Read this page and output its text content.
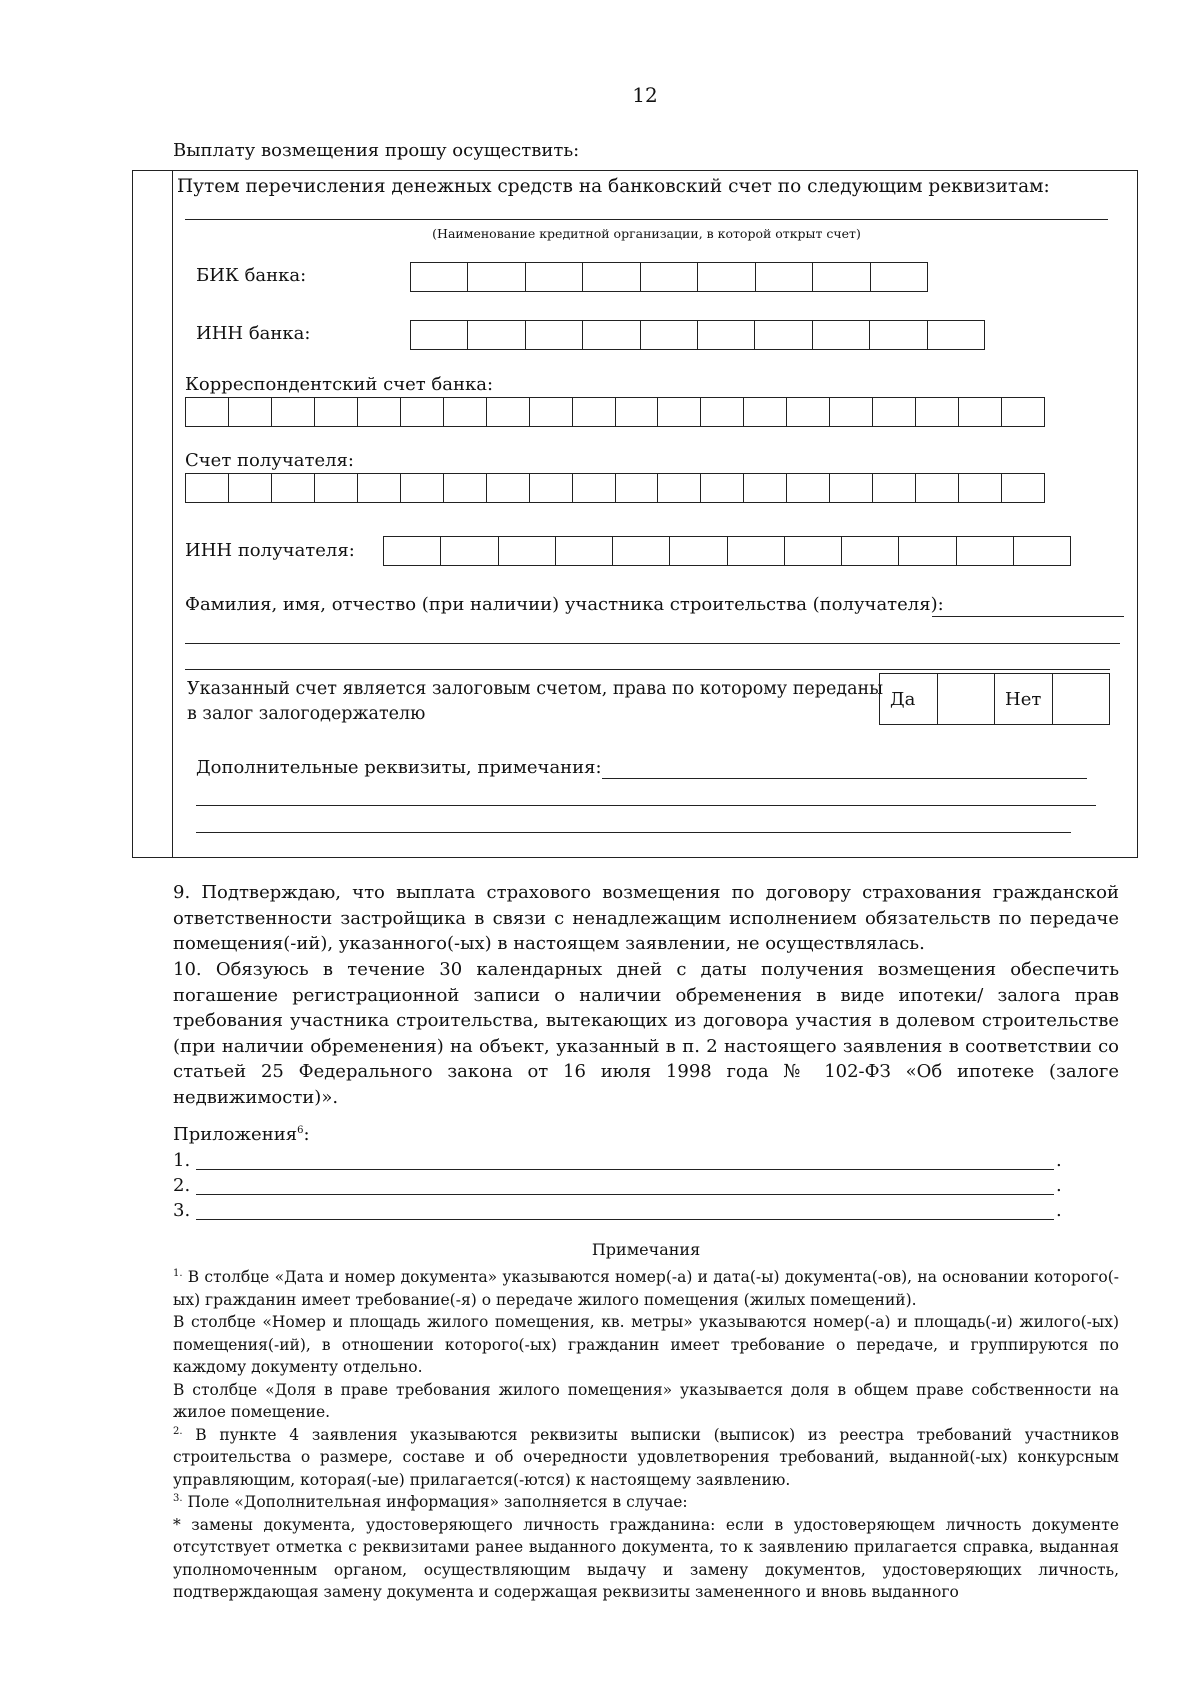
12
Выплату возмещения прошу осуществить:
Путем перечисления денежных средств на банковский счет по следующим реквизитам:
(Наименование кредитной организации, в которой открыт счет)
БИК банка:
ИНН банка:
Корреспондентский счет банка:
Счет получателя:
ИНН получателя:
Фамилия, имя, отчество (при наличии) участника строительства (получателя):
Указанный счет является залоговым счетом, права по которому переданы
в залог залогодержателю
Да	Нет
Дополнительные реквизиты, примечания:
9. Подтверждаю, что выплата страхового возмещения по договору страхования гражданской ответственности застройщика в связи с ненадлежащим исполнением обязательств по передаче помещения(-ий), указанного(-ых) в настоящем заявлении, не осуществлялась.
10. Обязуюсь в течение 30 календарных дней с даты получения возмещения обеспечить погашение регистрационной записи о наличии обременения в виде ипотеки/ залога прав требования участника строительства, вытекающих из договора участия в долевом строительстве (при наличии обременения) на объект, указанный в п. 2 настоящего заявления в соответствии со статьей 25 Федерального закона от 16 июля 1998 года № 102-ФЗ «Об ипотеке (залоге недвижимости)».
Приложения$^6$:
1.	.
2.	.
3.	.
Примечания

$^{1.}$ В столбце «Дата и номер документа» указываются номер(-а) и дата(-ы) документа(-ов), на основании которого(-ых) гражданин имеет требование(-я) о передаче жилого помещения (жилых помещений).

В столбце «Номер и площадь жилого помещения, кв. метры» указываются номер(-а) и площадь(-и) жилого(-ых) помещения(-ий), в отношении которого(-ых) гражданин имеет требование о передаче, и группируются по каждому документу отдельно.

В столбце «Доля в праве требования жилого помещения» указывается доля в общем праве собственности на жилое помещение.

$^{2.}$ В пункте 4 заявления указываются реквизиты выписки (выписок) из реестра требований участников строительства о размере, составе и об очередности удовлетворения требований, выданной(-ых) конкурсным управляющим, которая(-ые) прилагается(-ются) к настоящему заявлению.

$^{3.}$ Поле «Дополнительная информация» заполняется в случае:

* замены документа, удостоверяющего личность гражданина: если в удостоверяющем личность документе отсутствует отметка с реквизитами ранее выданного документа, то к заявлению прилагается справка, выданная уполномоченным органом, осуществляющим выдачу и замену документов, удостоверяющих личность, подтверждающая замену документа и содержащая реквизиты замененного и вновь выданного
